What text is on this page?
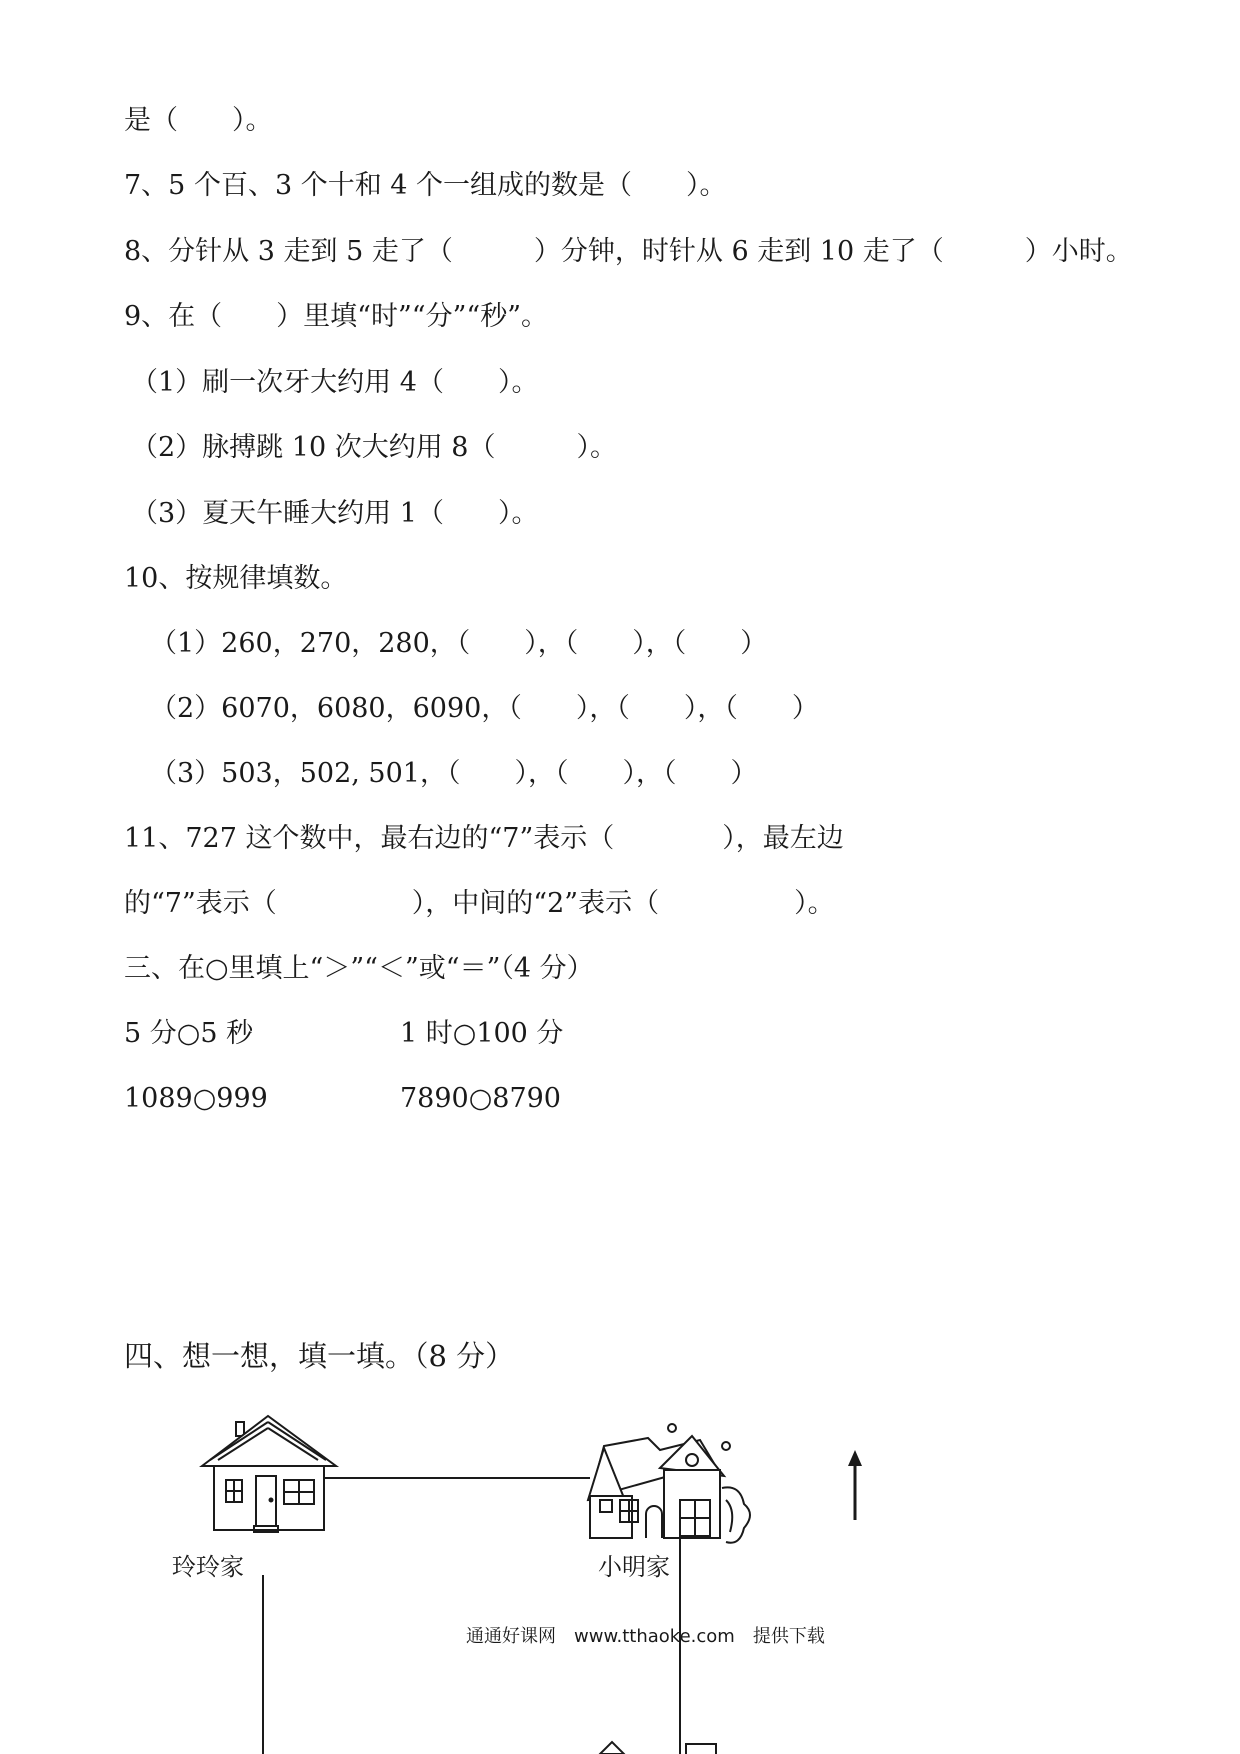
是（　　）。
7、5 个百、3 个十和 4 个一组成的数是（　　）。
8、分针从 3 走到 5 走了（　　　）分钟，时针从 6 走到 10 走了（　　　）小时。
9、在（　　）里填“时”“分”“秒”。
（1）刷一次牙大约用 4（　　）。
（2）脉搏跳 10 次大约用 8（　　　）。
（3）夏天午睡大约用 1（　　）。
10、按规律填数。
（1）260，270，280，（　　），（　　），（　　）
（2）6070，6080，6090，（　　），（　　），（　　）
（3）503，502, 501，（　　），（　　），（　　）
11、727 这个数中，最右边的“7”表示（　　　　），最左边
的“7”表示（　　　　　），中间的“2”表示（　　　　　）。
三、在○里填上“＞”“＜”或“＝”（4 分）
5 分○5 秒	1 时○100 分
1089○999	7890○8790
四、想一想，填一填。（8 分）
玲玲家	小明家
通通好课网　www.tthaoke.com　提供下载
